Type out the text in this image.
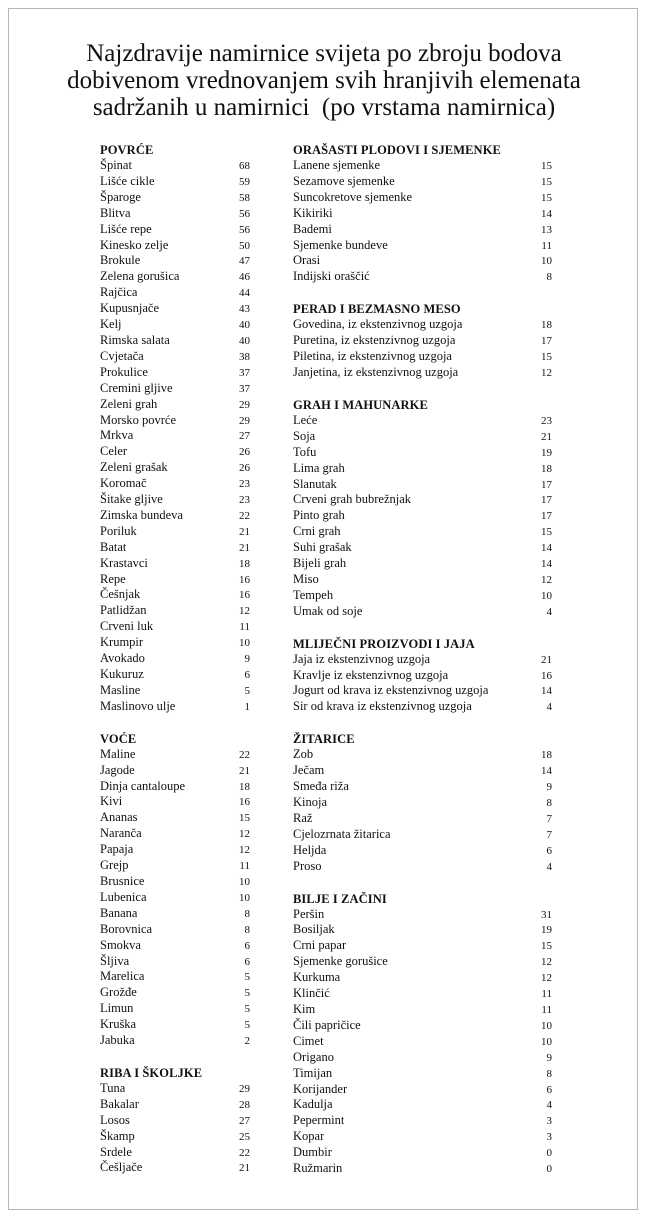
Najzdravije namirnice svijeta po zbroju bodova
dobivenom vrednovanjem svih hranjivih elemenata
sadržanih u namirnici  (po vrstama namirnica)
POVRĆE
Špinat	68
Lišće cikle	59
Šparoge	58
Blitva	56
Lišće repe	56
Kinesko zelje	50
Brokule	47
Zelena gorušica	46
Rajčica	44
Kupusnjače	43
Kelj	40
Rimska salata	40
Cvjetača	38
Prokulice	37
Cremini gljive	37
Zeleni grah	29
Morsko povrće	29
Mrkva	27
Celer	26
Zeleni grašak	26
Koromač	23
Šitake gljive	23
Zimska bundeva	22
Poriluk	21
Batat	21
Krastavci	18
Repe	16
Češnjak	16
Patlidžan	12
Crveni luk	11
Krumpir	10
Avokado	9
Kukuruz	6
Masline	5
Maslinovo ulje	1
VOĆE
Maline	22
Jagode	21
Dinja cantaloupe	18
Kivi	16
Ananas	15
Naranča	12
Papaja	12
Grejp	11
Brusnice	10
Lubenica	10
Banana	8
Borovnica	8
Smokva	6
Šljiva	6
Marelica	5
Grožđe	5
Limun	5
Kruška	5
Jabuka	2
RIBA I ŠKOLJKE
Tuna	29
Bakalar	28
Losos	27
Škamp	25
Srdele	22
Češljače	21
ORAŠASTI PLODOVI I SJEMENKE
Lanene sjemenke	15
Sezamove sjemenke	15
Suncokretove sjemenke	15
Kikiriki	14
Bademi	13
Sjemenke bundeve	11
Orasi	10
Indijski oraščić	8
PERAD I BEZMASNO MESO
Govedina, iz ekstenzivnog uzgoja	18
Puretina, iz ekstenzivnog uzgoja	17
Piletina, iz ekstenzivnog uzgoja	15
Janjetina, iz ekstenzivnog uzgoja	12
GRAH I MAHUNARKE
Leće	23
Soja	21
Tofu	19
Lima grah	18
Slanutak	17
Crveni grah bubrežnjak	17
Pinto grah	17
Crni grah	15
Suhi grašak	14
Bijeli grah	14
Miso	12
Tempeh	10
Umak od soje	4
MLIJEČNI PROIZVODI I JAJA
Jaja iz ekstenzivnog uzgoja	21
Kravlje iz ekstenzivnog uzgoja	16
Jogurt od krava iz ekstenzivnog uzgoja	14
Sir od krava iz ekstenzivnog uzgoja	4
ŽITARICE
Zob	18
Ječam	14
Smeđa riža	9
Kinoja	8
Raž	7
Cjelozrnata žitarica	7
Heljda	6
Proso	4
BILJE I ZAČINI
Peršin	31
Bosiljak	19
Crni papar	15
Sjemenke gorušice	12
Kurkuma	12
Klinčić	11
Kim	11
Čili papričice	10
Cimet	10
Origano	9
Timijan	8
Korijander	6
Kadulja	4
Pepermint	3
Kopar	3
Dumbir	0
Ružmarin	0
